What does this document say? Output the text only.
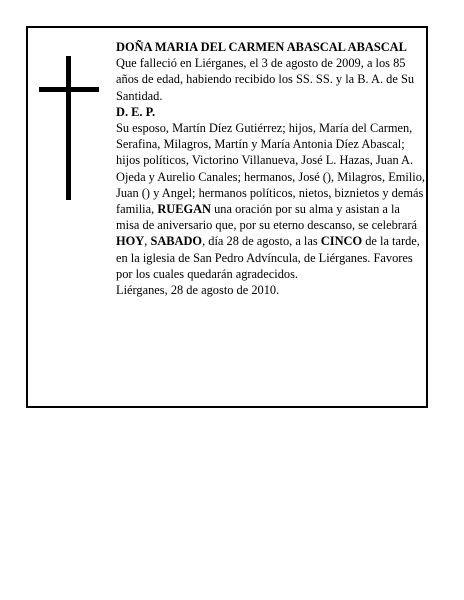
DOÑA MARIA DEL CARMEN ABASCAL ABASCAL

Que falleció en Liérganes, el 3 de agosto de 2009, a los 85 años de edad, habiendo recibido los SS. SS. y la B. A. de Su Santidad.

D. E. P.

Su esposo, Martín Díez Gutiérrez; hijos, María del Carmen, Serafina, Milagros, Martín y María Antonia Díez Abascal; hijos políticos, Victorino Villanueva, José L. Hazas, Juan A. Ojeda y Aurelio Canales; hermanos, José (), Milagros, Emilio, Juan () y Angel; hermanos políticos, nietos, biznietos y demás familia, RUEGAN una oración por su alma y asistan a la misa de aniversario que, por su eterno descanso, se celebrará HOY, SABADO, día 28 de agosto, a las CINCO de la tarde, en la iglesia de San Pedro Advíncula, de Liérganes. Favores por los cuales quedarán agradecidos.

Liérganes, 28 de agosto de 2010.
